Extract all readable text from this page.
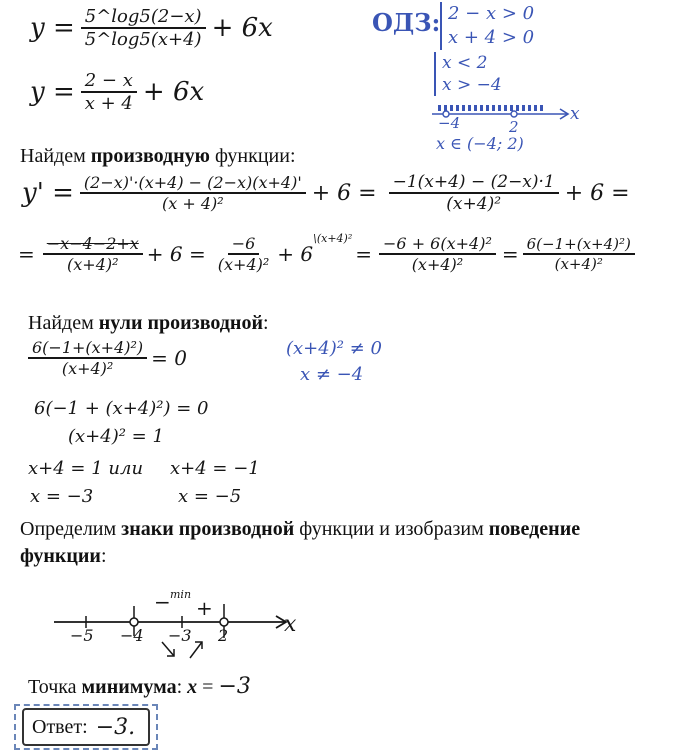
$y = \frac{5\^{}\log 5(2-x)}{5\^{}\log 5(x+4)} + 6x$
$y = \frac{2 - x}{x + 4} + 6x$
ОДЗ: 2 − x > 0
x + 4 > 0
x < 2
x > −4
−4	2
x
x ∈ (−4; 2)
Найдем производную функции:
$y' = \frac{(2-x)'\cdot(x+4) - (2-x)(x+4)'}{\text{(x + 4)²}} + 6 = \frac{-1(x+4) - (2-x)\cdot 1}{\text{(x+4)²}} + 6$ =
= $\frac{-x-4-2+x}{\text{(x+4)²}} + 6 = \frac{-6}{\text{(x+4)²}} + 6$
\(x+4)²
= $\frac{\text{−6 + 6(x+4)²}}{\text{(x+4)²}} = \frac{\text{6(−1+(x+4)²)}}{\text{(x+4)²}}$
Найдем нули производной:
$\frac{\text{6(−1+(x+4)²)}}{\text{(x+4)²}} = 0$	(x+4)² ≠ 0
x ≠ −4
6(−1 + (x+4)²) = 0
(x+4)² = 1
x+4 = 1 или x+4 = −1
x = −3	x = −5
Определим знаки производной функции и изобразим поведение
функции:
− min
+
−5 −4 −3 2	x
Точка минимума: x = −3
Ответ: −3.
